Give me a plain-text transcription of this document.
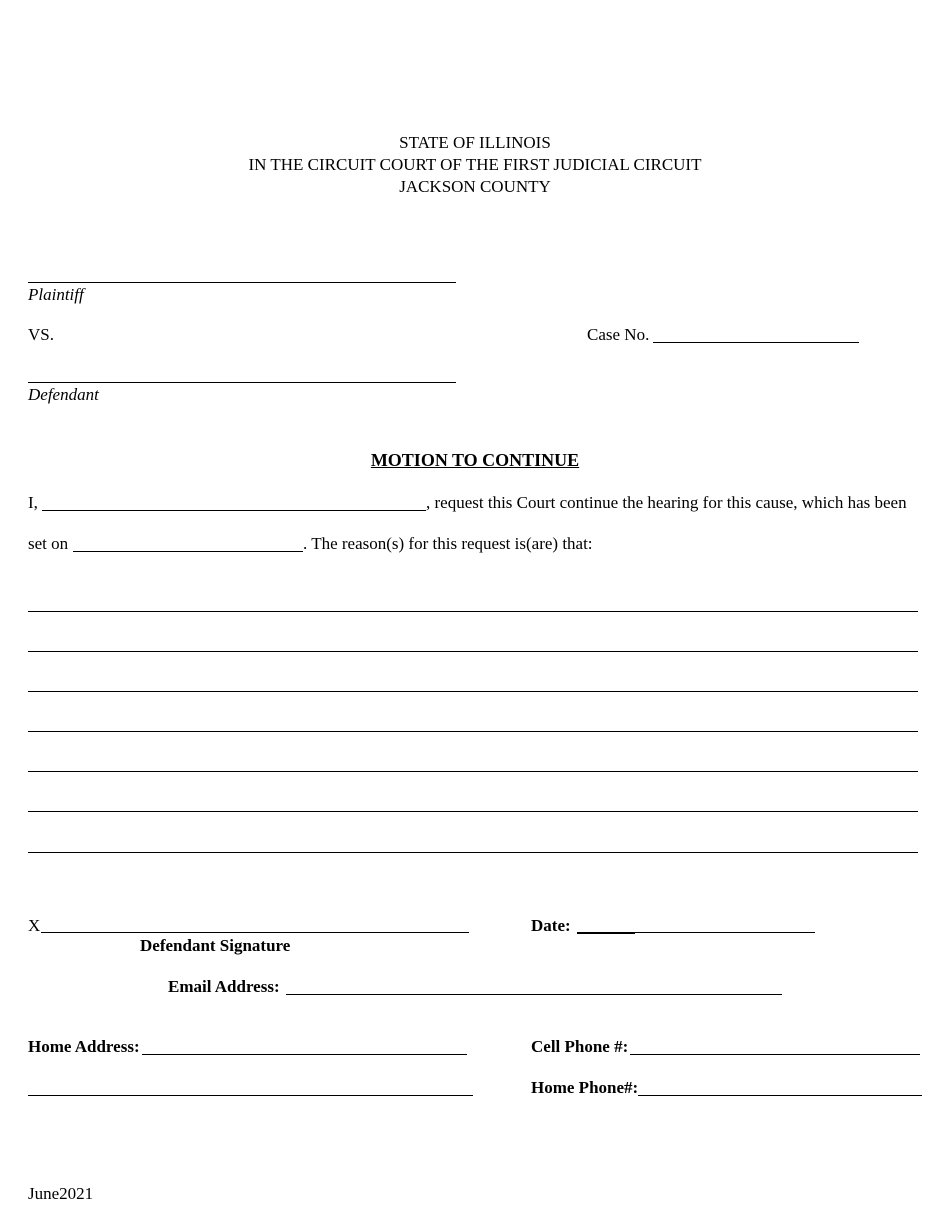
STATE OF ILLINOIS
IN THE CIRCUIT COURT OF THE FIRST JUDICIAL CIRCUIT
JACKSON COUNTY
Plaintiff
VS.	Case No.
Defendant
MOTION TO CONTINUE
I,	, request this Court continue the hearing for this cause, which has been
set on	. The reason(s) for this request is(are) that:
X
Defendant Signature
Date:
Email Address:
Home Address:	Cell Phone #:
Home Phone#:
June2021
